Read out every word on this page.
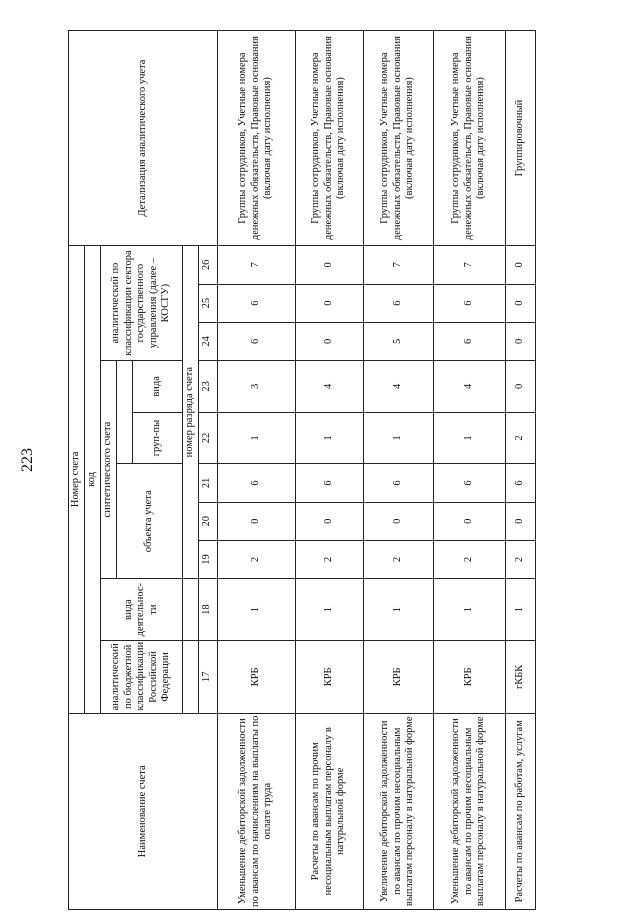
223
Наименование счета	Номер счета										Детализация аналитического учета
	код										
	аналитический по бюджетной классификации Российской Федерации	вида деятельнос-ти	синтетического счета					аналитический по классификации сектора государственного управления (далее – КОСГУ)			
			объекта учета								
						груп-пы	вида				
			номер разряда счета								
	17	18	19	20	21	22	23	24	25	26	
Уменьшение дебиторской задолженности по авансам по начислениям на выплаты по оплате труда	КРБ	1	2	0	6	1	3	6	6	7	Группы сотрудников, Учетные номера денежных обязательств, Правовые основания (включая дату исполнения)
Расчеты по авансам по прочим несоциальным выплатам персоналу в натуральной форме	КРБ	1	2	0	6	1	4	0	0	0	Группы сотрудников, Учетные номера денежных обязательств, Правовые основания (включая дату исполнения)
Увеличение дебиторской задолженности по авансам по прочим несоциальным выплатам персоналу в натуральной форме	КРБ	1	2	0	6	1	4	5	6	7	Группы сотрудников, Учетные номера денежных обязательств, Правовые основания (включая дату исполнения)
Уменьшение дебиторской задолженности по авансам по прочим несоциальным выплатам персоналу в натуральной форме	КРБ	1	2	0	6	1	4	6	6	7	Группы сотрудников, Учетные номера денежных обязательств, Правовые основания (включая дату исполнения)
Расчеты по авансам по работам, услугам	гКБК	1	2	0	6	2	0	0	0	0	Группировочный
